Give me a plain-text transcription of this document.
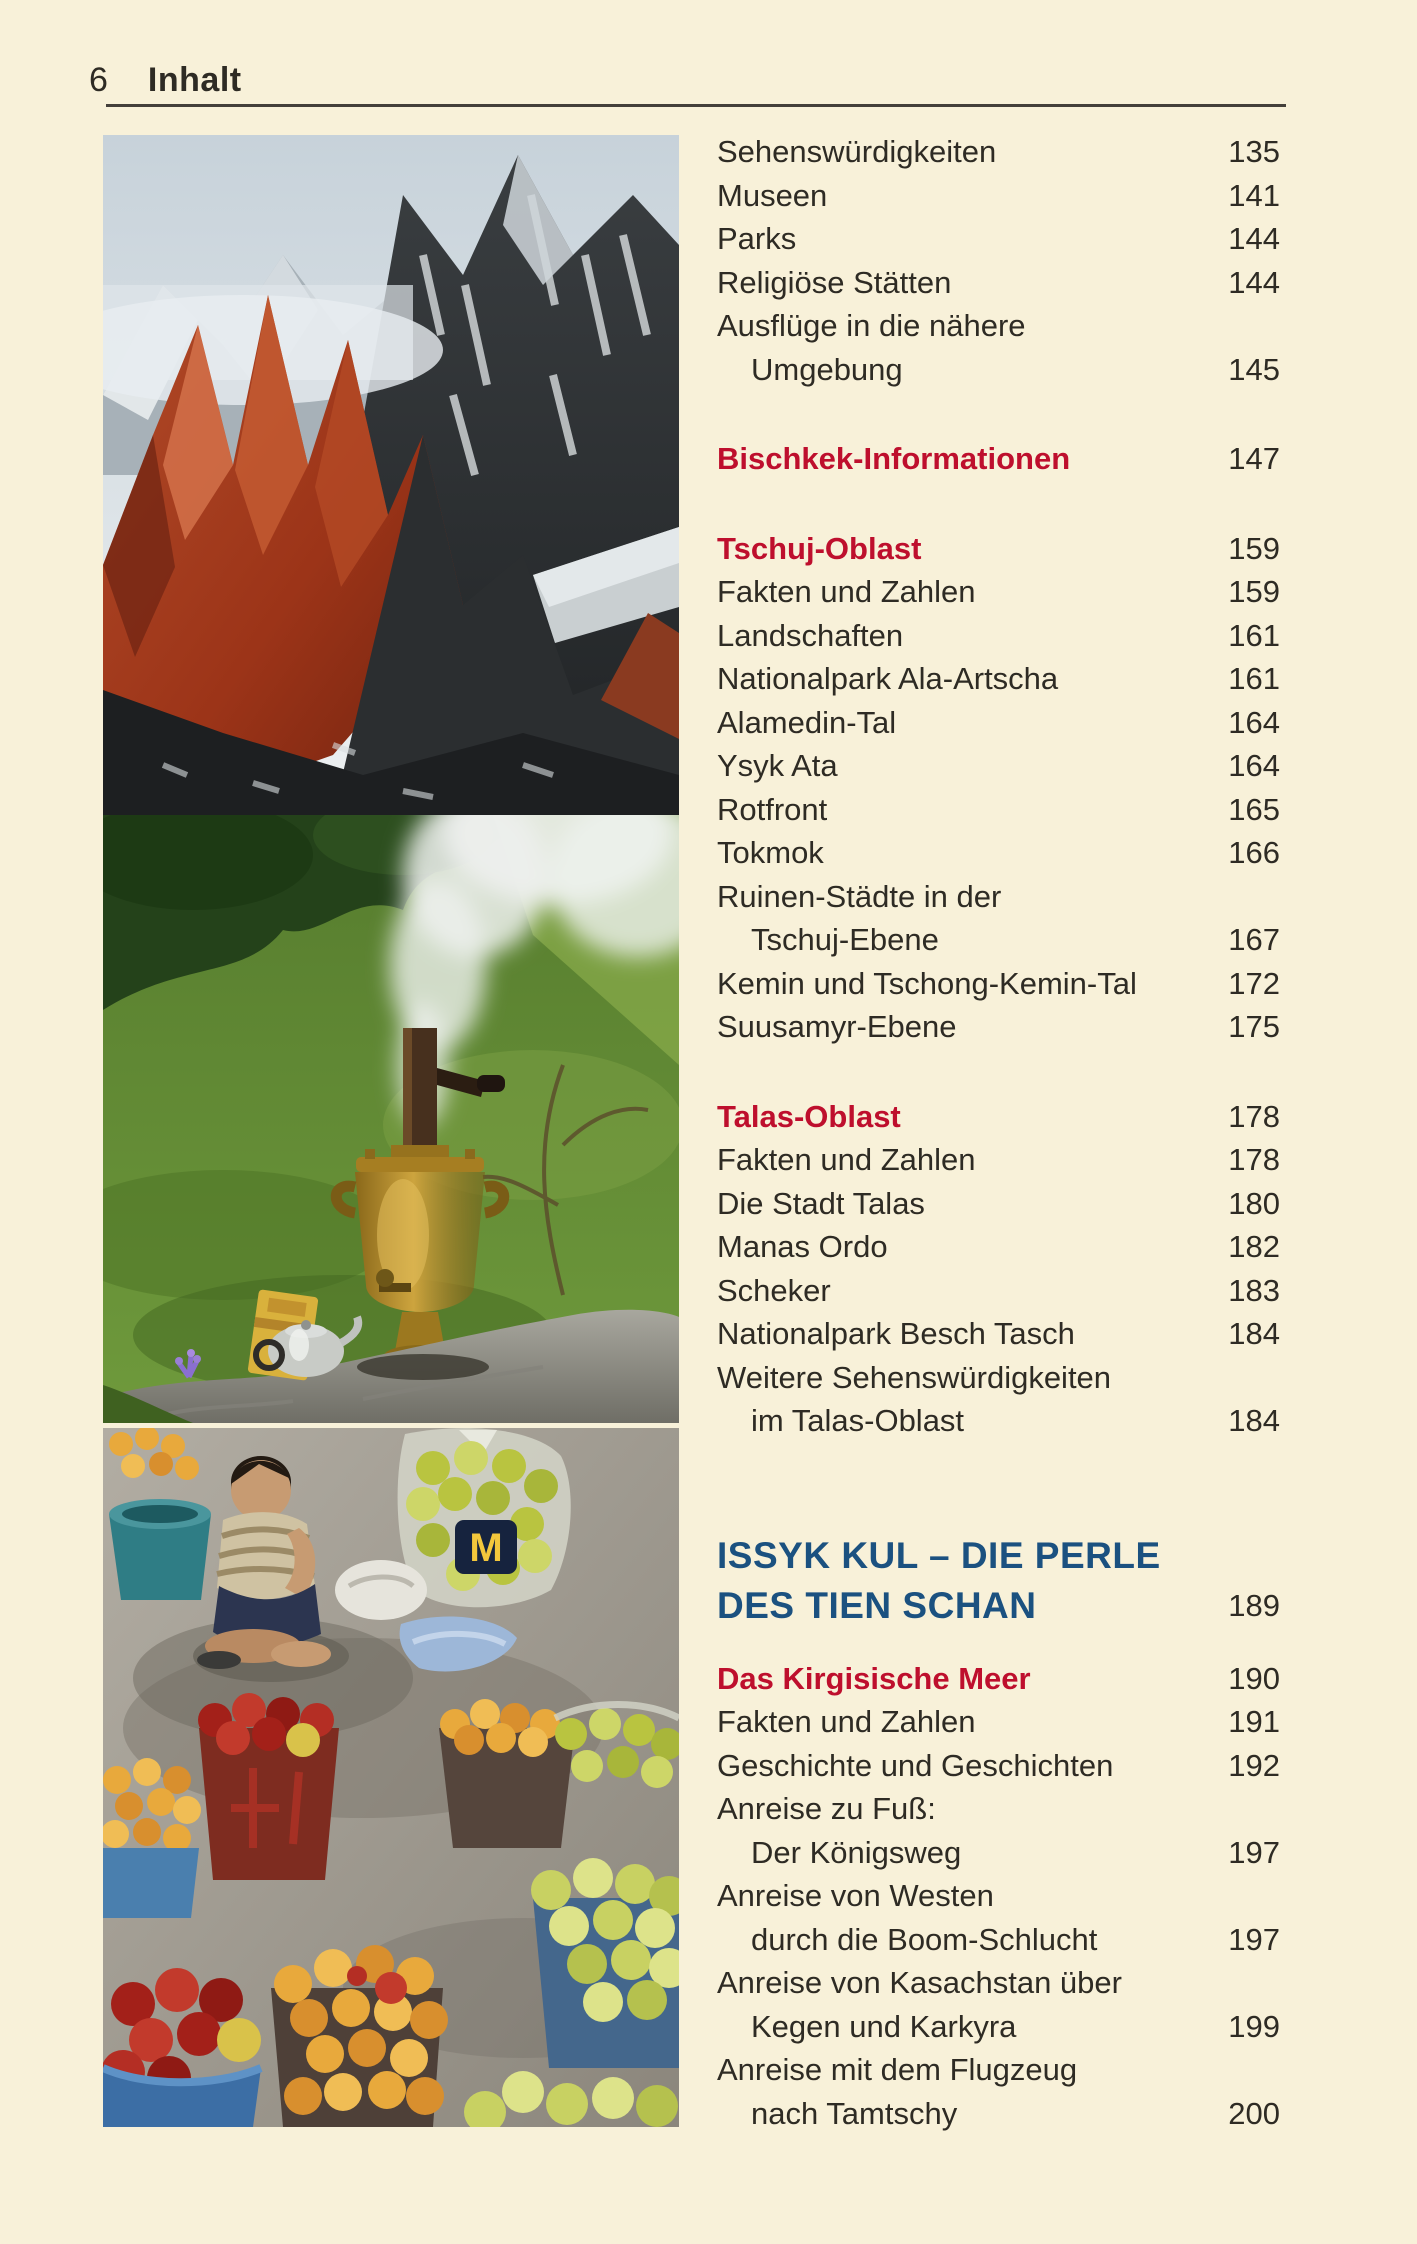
6 Inhalt
M
Sehenswürdigkeiten	135
Museen	141
Parks	144
Religiöse Stätten	144
Ausflüge in die nähere
Umgebung	145
Bischkek-Informationen	147
Tschuj-Oblast	159
Fakten und Zahlen	159
Landschaften	161
Nationalpark Ala-Artscha	161
Alamedin-Tal	164
Ysyk Ata	164
Rotfront	165
Tokmok	166
Ruinen-Städte in der
Tschuj-Ebene	167
Kemin und Tschong-Kemin-Tal	172
Suusamyr-Ebene	175
Talas-Oblast	178
Fakten und Zahlen	178
Die Stadt Talas	180
Manas Ordo	182
Scheker	183
Nationalpark Besch Tasch	184
Weitere Sehenswürdigkeiten
im Talas-Oblast	184
ISSYK KUL – DIE PERLE
DES TIEN SCHAN	189
Das Kirgisische Meer	190
Fakten und Zahlen	191
Geschichte und Geschichten	192
Anreise zu Fuß:
Der Königsweg	197
Anreise von Westen
durch die Boom-Schlucht	197
Anreise von Kasachstan über
Kegen und Karkyra	199
Anreise mit dem Flugzeug
nach Tamtschy	200
